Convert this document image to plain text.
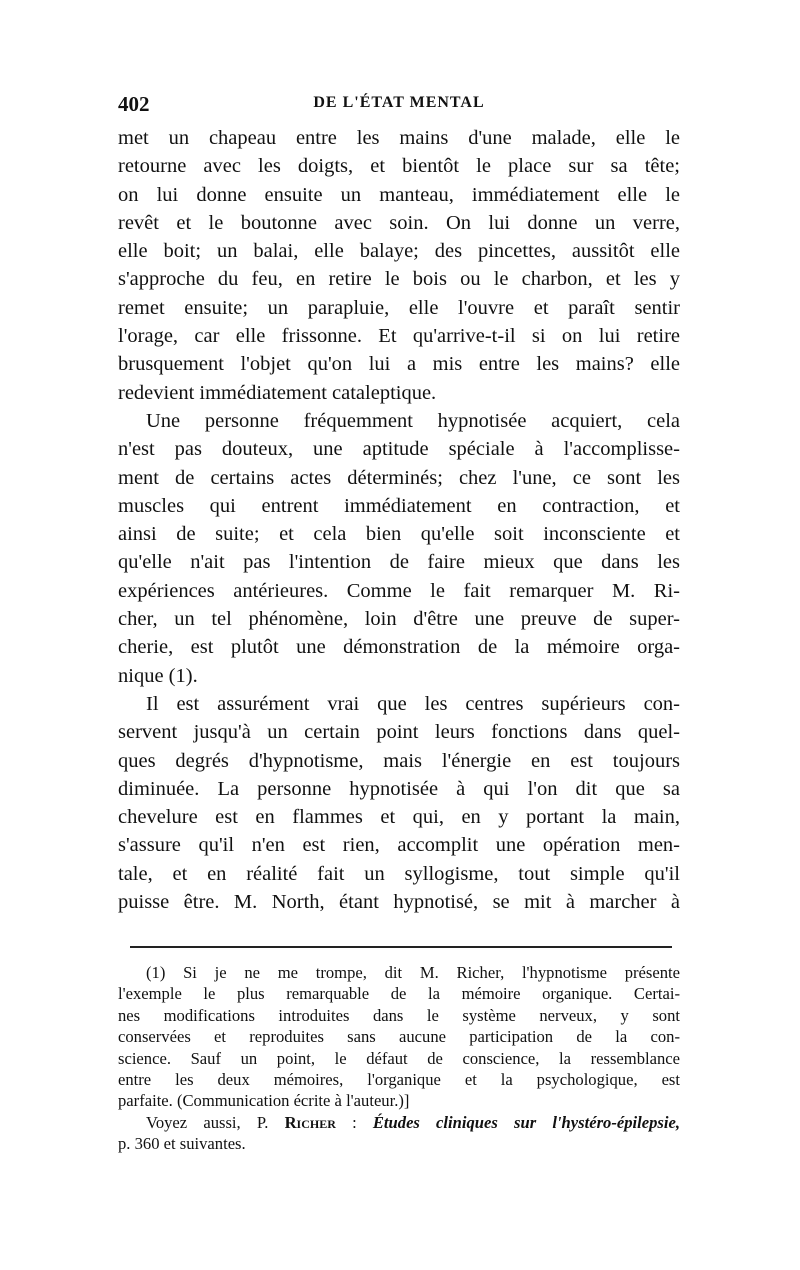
402	DE L'ÉTAT MENTAL
met un chapeau entre les mains d'une malade, elle le
retourne avec les doigts, et bientôt le place sur sa tête;
on lui donne ensuite un manteau, immédiatement elle le
revêt et le boutonne avec soin. On lui donne un verre,
elle boit; un balai, elle balaye; des pincettes, aussitôt elle
s'approche du feu, en retire le bois ou le charbon, et les y
remet ensuite; un parapluie, elle l'ouvre et paraît sentir
l'orage, car elle frissonne. Et qu'arrive-t-il si on lui retire
brusquement l'objet qu'on lui a mis entre les mains? elle
redevient immédiatement cataleptique.
Une personne fréquemment hypnotisée acquiert, cela
n'est pas douteux, une aptitude spéciale à l'accomplisse-
ment de certains actes déterminés; chez l'une, ce sont les
muscles qui entrent immédiatement en contraction, et
ainsi de suite; et cela bien qu'elle soit inconsciente et
qu'elle n'ait pas l'intention de faire mieux que dans les
expériences antérieures. Comme le fait remarquer M. Ri-
cher, un tel phénomène, loin d'être une preuve de super-
cherie, est plutôt une démonstration de la mémoire orga-
nique (1).
Il est assurément vrai que les centres supérieurs con-
servent jusqu'à un certain point leurs fonctions dans quel-
ques degrés d'hypnotisme, mais l'énergie en est toujours
diminuée. La personne hypnotisée à qui l'on dit que sa
chevelure est en flammes et qui, en y portant la main,
s'assure qu'il n'en est rien, accomplit une opération men-
tale, et en réalité fait un syllogisme, tout simple qu'il
puisse être. M. North, étant hypnotisé, se mit à marcher à
(1) Si je ne me trompe, dit M. Richer, l'hypnotisme présente
l'exemple le plus remarquable de la mémoire organique. Certai-
nes modifications introduites dans le système nerveux, y sont
conservées et reproduites sans aucune participation de la con-
science. Sauf un point, le défaut de conscience, la ressemblance
entre les deux mémoires, l'organique et la psychologique, est
parfaite. (Communication écrite à l'auteur.)]
Voyez aussi, P. Richer : Études cliniques sur l'hystéro-épilepsie,
p. 360 et suivantes.
